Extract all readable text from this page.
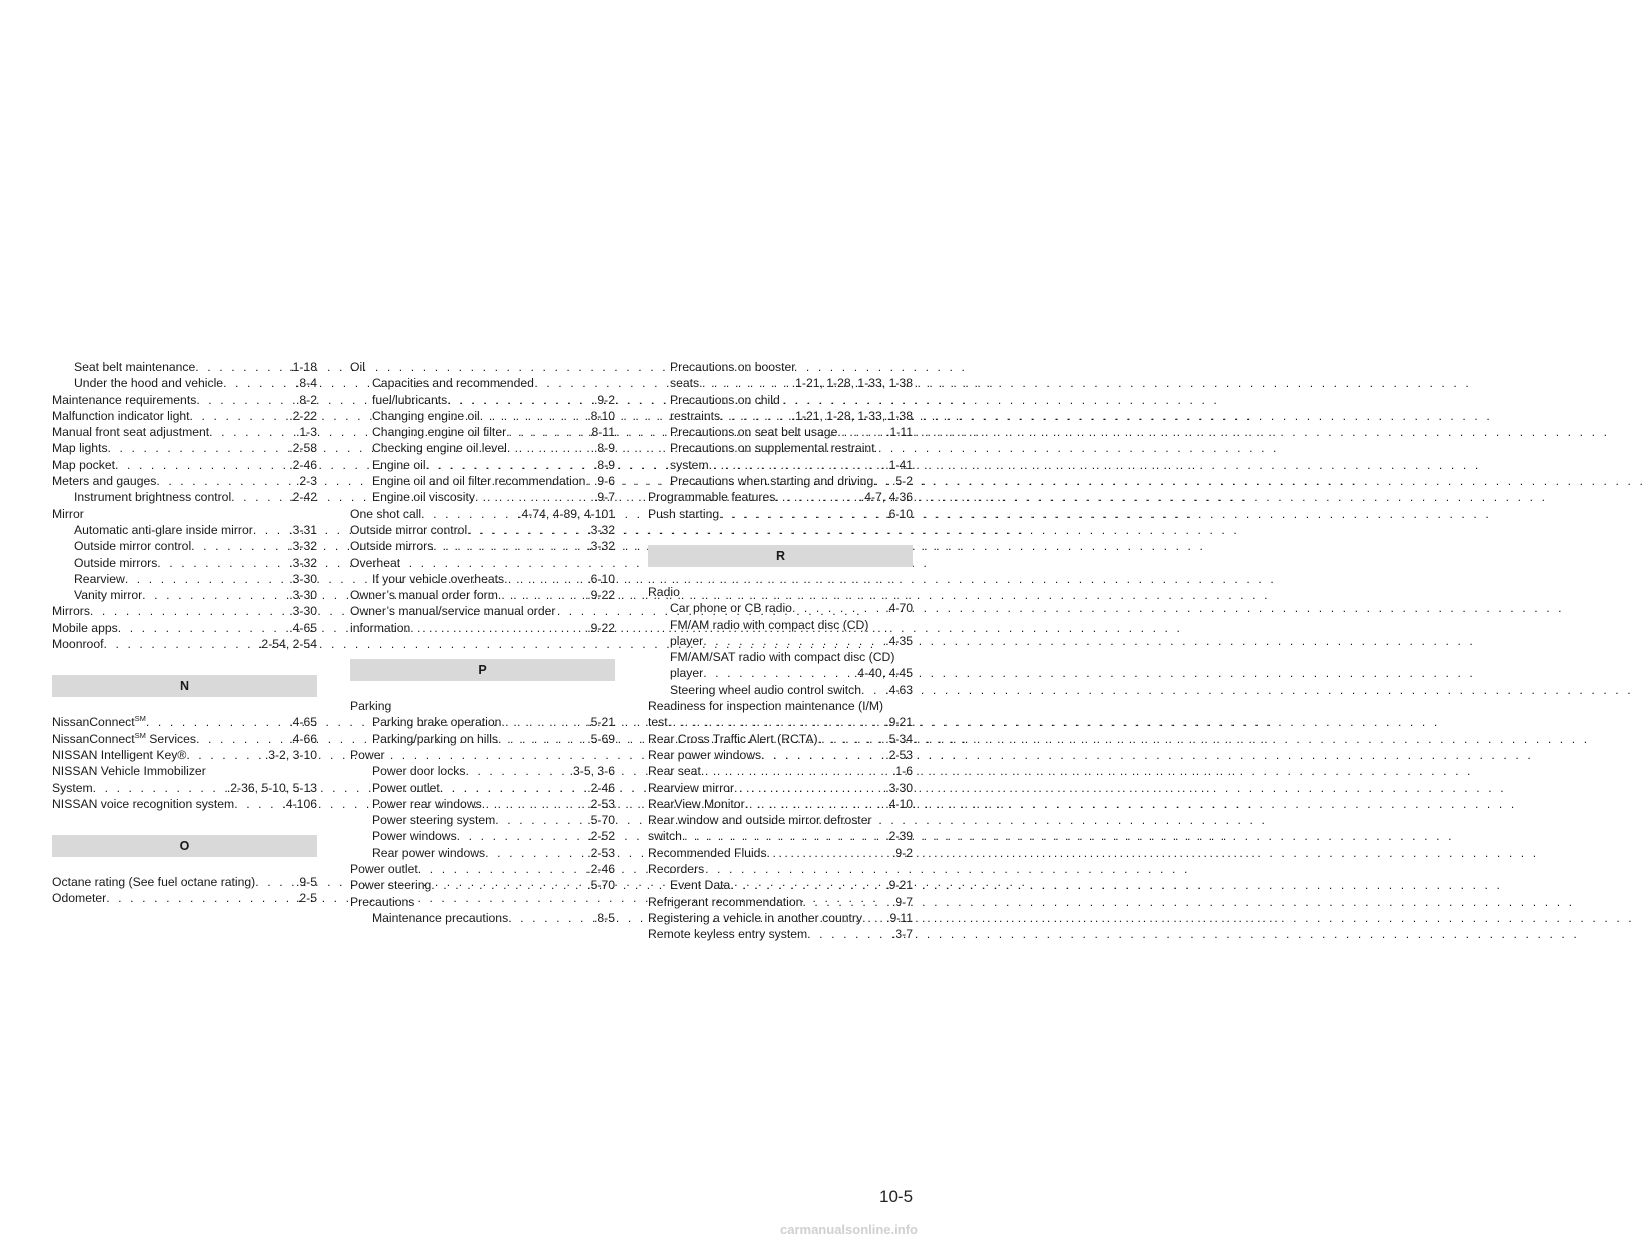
Seat belt maintenance . . .	.1-18
Under the hood and vehicle . . .	.8-4
Maintenance requirements . . .	.8-2
Malfunction indicator light . . .	.2-22
Manual front seat adjustment . . .	.1-3
Map lights . . .	.2-58
Map pocket . . .	.2-46
Meters and gauges . . .	.2-3
Instrument brightness control . . .	.2-42
Mirror
Automatic anti-glare inside mirror . . .	.3-31
Outside mirror control . . .	.3-32
Outside mirrors . . .	.3-32
Rearview . . .	.3-30
Vanity mirror . . .	.3-30
Mirrors . . .	.3-30
Mobile apps . . .	.4-65
Moonroof . . .	.2-54, 2-54
N
NissanConnect℠ . . .	.4-65
NissanConnect℠ Services . . .	.4-66
NISSAN Intelligent Key® . . .	.3-2, 3-10
NISSAN Vehicle Immobilizer
System . . .	.2-36, 5-10, 5-13
NISSAN voice recognition system . . .	.4-106
O
Octane rating (See fuel octane rating) . . .	.9-5
Odometer . . .	.2-5
Oil
Capacities and recommended
fuel/lubricants . . .	.9-2
Changing engine oil . . .	.8-10
Changing engine oil filter . . .	.8-11
Checking engine oil level . . .	.8-9
Engine oil . . .	.8-9
Engine oil and oil filter recommendation . . . .9-6
Engine oil viscosity . . .	.9-7
One shot call . . .	.4-74, 4-89, 4-101
Outside mirror control . . .	.3-32
Outside mirrors . . .	.3-32
Overheat
If your vehicle overheats . . .	.6-10
Owner’s manual order form . . .	.9-22
Owner’s manual/service manual order
information . . .	.9-22
P
Parking
Parking brake operation . . .	.5-21
Parking/parking on hills . . .	.5-69
Power
Power door locks . . .	.3-5, 3-6
Power outlet . . .	.2-46
Power rear windows . . .	.2-53
Power steering system . . .	.5-70
Power windows . . .	.2-52
Rear power windows . . .	.2-53
Power outlet . . .	.2-46
Power steering . . .	.5-70
Precautions
Maintenance precautions . . .	.8-5
Precautions on booster
seats . . .	.1-21, 1-28, 1-33, 1-38
Precautions on child
restraints . . .	.1-21, 1-28, 1-33, 1-38
Precautions on seat belt usage . . .	.1-11
Precautions on supplemental restraint
system . . .	.1-41
Precautions when starting and driving . . . .5-2
Programmable features . . .	.4-7, 4-36
Push starting . . .	.6-10
R
Radio
Car phone or CB radio . . .	.4-70
FM/AM radio with compact disc (CD)
player . . .	.4-35
FM/AM/SAT radio with compact disc (CD)
player . . .	.4-40, 4-45
Steering wheel audio control switch . . . .4-63
Readiness for inspection maintenance (I/M)
test . . .	.9-21
Rear Cross Traffic Alert (RCTA) . . .	.5-34
Rear power windows . . .	.2-53
Rear seat . . .	.1-6
Rearview mirror . . .	.3-30
RearView Monitor . . .	.4-10
Rear window and outside mirror defroster
switch . . .	.2-39
Recommended Fluids . . .	.9-2
Recorders
Event Data . . .	.9-21
Refrigerant recommendation . . .	.9-7
Registering a vehicle in another country . . . .9-11
Remote keyless entry system . . .	.3-7
10-5
carmanualsonline.info
